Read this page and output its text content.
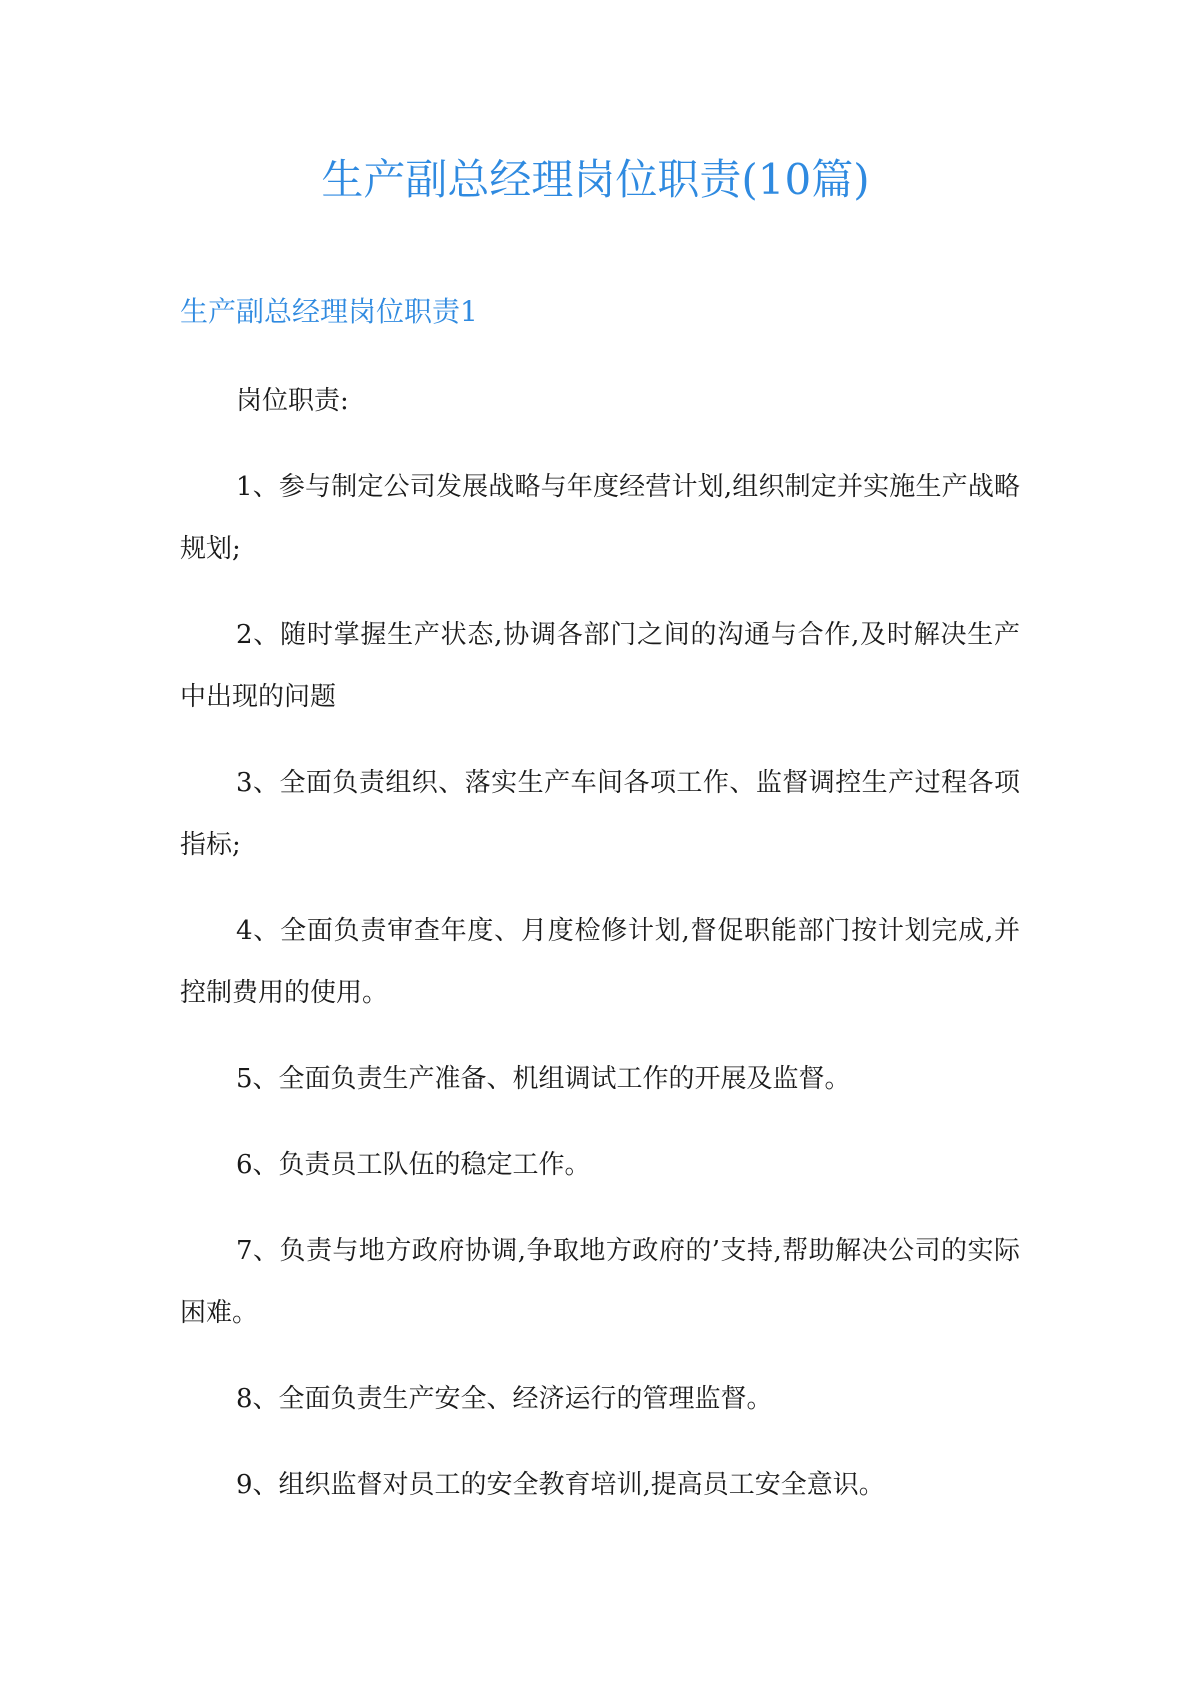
生产副总经理岗位职责(10篇)
生产副总经理岗位职责1

岗位职责:

1、参与制定公司发展战略与年度经营计划,组织制定并实施生产战略规划;

2、随时掌握生产状态,协调各部门之间的沟通与合作,及时解决生产中出现的问题

3、全面负责组织、落实生产车间各项工作、监督调控生产过程各项指标;

4、全面负责审查年度、月度检修计划,督促职能部门按计划完成,并控制费用的使用。

5、全面负责生产准备、机组调试工作的开展及监督。

6、负责员工队伍的稳定工作。

7、负责与地方政府协调,争取地方政府的’支持,帮助解决公司的实际困难。

8、全面负责生产安全、经济运行的管理监督。

9、组织监督对员工的安全教育培训,提高员工安全意识。
